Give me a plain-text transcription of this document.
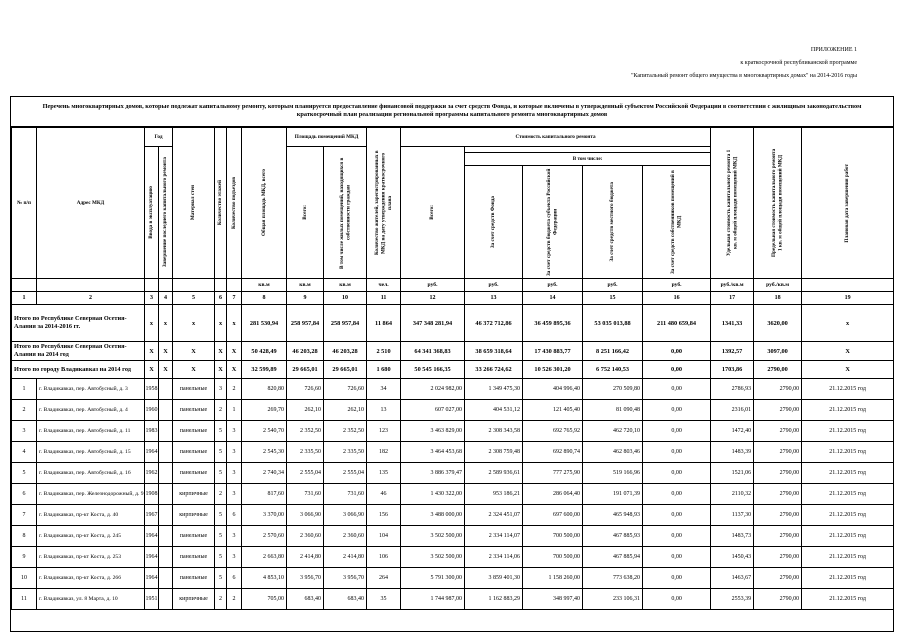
ПРИЛОЖЕНИЕ 1
к краткосрочной республиканской программе
"Капитальный ремонт общего имущества в многоквартирных домах" на 2014-2016 годы
Перечень многоквартирных домов, которые подлежат капитальному ремонту, которым планируется предоставление финансовой поддержки за счет средств Фонда, и которые включены в утвержденный субъектом Российской Федерации в соответствии с жилищным законодательством краткосрочный план реализации региональной программы капитального ремонта многоквартирных домов
№ п/п	Адрес МКД	Год		Материал стен	Количество этажей	Количество подъездов	Общая площадь МКД, всего	Площадь помещений МКД		Количество жителей, зарегистрированных в МКД на дату утверждения краткосрочного плана	Стоимость капитального ремонта					Удельная стоимость капитального ремонта 1 кв. м общей площади помещений МКД	Предельная стоимость капитального ремонта 1 кв. м общей площади помещений МКД	Плановая дата завершения работ

		Ввода в эксплуатацию	Завершение последнего капитального ремонта					Всего:	В том числе жилых помещений, находящихся в собственности граждан		Всего:							

												В том числе:						

												За счет средств Фонда	За счет средств бюджета субъекта Российской Федерации	За счет средств местного бюджета	За счет средств собственников помещений в МКД			

							кв.м	кв.м	кв.м	чел.	руб.	руб.	руб.	руб.	руб.	руб./кв.м	руб./кв.м	
1	2	3	4	5	6	7	8	9	10	11	12	13	14	15	16	17	18	19
Итого по Республике Северная Осетия-Алания за 2014-2016 гг.		x	x	x	x	x	281 530,94	258 957,84	258 957,84	11 864	347 348 281,94	46 372 712,86	36 459 895,36	53 035 013,88	211 480 659,84	1341,33	3620,00	x
Итого по Республике Северная Осетия-Алания на 2014 год		X	X	X	X	X	50 428,49	46 203,28	46 203,28	2 510	64 341 368,83	38 659 318,64	17 430 883,77	8 251 166,42	0,00	1392,57	3097,00	X
Итого по городу Владикавказ на 2014 год		X	X	X	X	X	32 599,89	29 665,01	29 665,01	1 680	50 545 166,35	33 266 724,62	10 526 301,20	6 752 140,53	0,00	1703,86	2790,00	X
1	г. Владикавказ, пер. Автобусный, д. 3	1958		панельные	3	2	820,80	726,60	726,60	34	2 024 982,00	1 349 475,30	404 996,40	270 509,80	0,00	2786,93	2790,00	21.12.2015 год
2	г. Владикавказ, пер. Автобусный, д. 4	1960		панельные	2	1	269,70	262,10	262,10	13	607 027,00	404 531,12	121 405,40	81 090,48	0,00	2316,01	2790,00	21.12.2015 год
3	г. Владикавказ, пер. Автобусный, д. 11	1983		панельные	5	3	2 540,70	2 352,50	2 352,50	123	3 463 829,00	2 308 343,58	692 765,92	462 720,10	0,00	1472,40	2790,00	21.12.2015 год
4	г. Владикавказ, пер. Автобусный, д. 15	1964		панельные	5	3	2 545,30	2 335,50	2 335,50	182	3 464 453,68	2 308 759,48	692 890,74	462 803,46	0,00	1483,39	2790,00	21.12.2015 год
5	г. Владикавказ, пер. Автобусный, д. 16	1962		панельные	5	3	2 740,34	2 555,04	2 555,04	135	3 886 379,47	2 589 936,61	777 275,90	519 166,96	0,00	1521,06	2790,00	21.12.2015 год
6	г. Владикавказ, пер. Железнодорожный, д. 9	1908		кирпичные	2	3	817,60	731,60	731,60	46	1 430 322,00	953 186,21	286 064,40	191 071,39	0,00	2110,32	2790,00	21.12.2015 год
7	г. Владикавказ, пр-кт Коста, д. 40	1967		кирпичные	5	6	3 370,00	3 066,90	3 066,90	156	3 488 000,00	2 324 451,07	697 600,00	465 948,93	0,00	1137,30	2790,00	21.12.2015 год
8	г. Владикавказ, пр-кт Коста, д. 245	1964		панельные	5	3	2 570,60	2 360,60	2 360,60	104	3 502 500,00	2 334 114,07	700 500,00	467 885,93	0,00	1483,73	2790,00	21.12.2015 год
9	г. Владикавказ, пр-кт Коста, д. 253	1964		панельные	5	3	2 663,80	2 414,80	2 414,80	106	3 502 500,00	2 334 114,06	700 500,00	467 885,94	0,00	1450,43	2790,00	21.12.2015 год
10	г. Владикавказ, пр-кт Коста, д. 266	1964		панельные	5	6	4 853,10	3 956,70	3 956,70	264	5 791 300,00	3 859 401,30	1 158 260,00	773 638,20	0,00	1463,67	2790,00	21.12.2015 год
11	г. Владикавказ, ул. 8 Марта, д. 10	1951		кирпичные	2	2	705,00	683,40	683,40	35	1 744 987,00	1 162 883,29	348 997,40	233 106,31	0,00	2553,39	2790,00	21.12.2015 год
